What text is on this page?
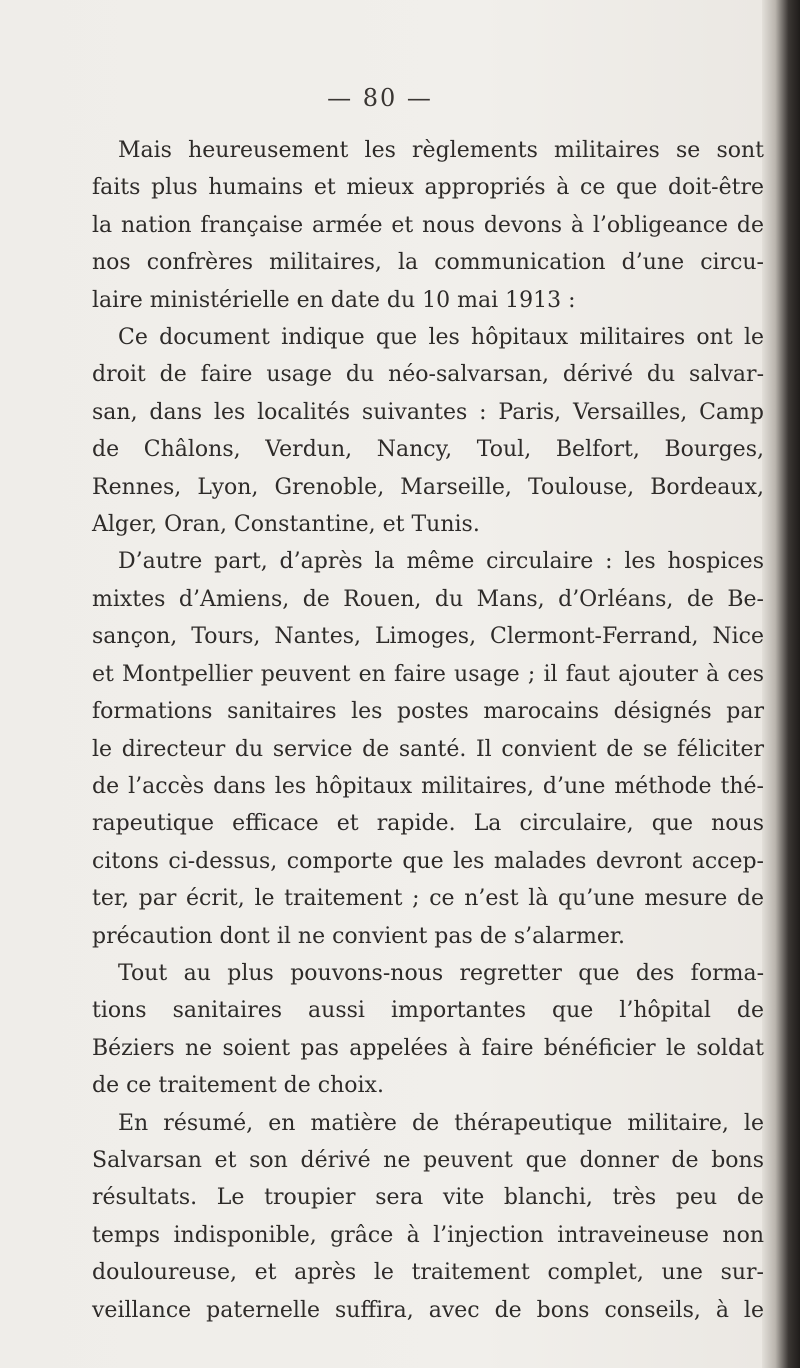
— 80 —
Mais heureusement les règlements militaires se sont
faits plus humains et mieux appropriés à ce que doit-être
la nation française armée et nous devons à l’obligeance de
nos confrères militaires, la communication d’une circu-
laire ministérielle en date du 10 mai 1913 :
Ce document indique que les hôpitaux militaires ont le
droit de faire usage du néo-salvarsan, dérivé du salvar-
san, dans les localités suivantes : Paris, Versailles, Camp
de Châlons, Verdun, Nancy, Toul, Belfort, Bourges,
Rennes, Lyon, Grenoble, Marseille, Toulouse, Bordeaux,
Alger, Oran, Constantine, et Tunis.
D’autre part, d’après la même circulaire : les hospices
mixtes d’Amiens, de Rouen, du Mans, d’Orléans, de Be-
sançon, Tours, Nantes, Limoges, Clermont-Ferrand, Nice
et Montpellier peuvent en faire usage ; il faut ajouter à ces
formations sanitaires les postes marocains désignés par
le directeur du service de santé. Il convient de se féliciter
de l’accès dans les hôpitaux militaires, d’une méthode thé-
rapeutique efficace et rapide. La circulaire, que nous
citons ci-dessus, comporte que les malades devront accep-
ter, par écrit, le traitement ; ce n’est là qu’une mesure de
précaution dont il ne convient pas de s’alarmer.
Tout au plus pouvons-nous regretter que des forma-
tions sanitaires aussi importantes que l’hôpital de
Béziers ne soient pas appelées à faire bénéficier le soldat
de ce traitement de choix.
En résumé, en matière de thérapeutique militaire, le
Salvarsan et son dérivé ne peuvent que donner de bons
résultats. Le troupier sera vite blanchi, très peu de
temps indisponible, grâce à l’injection intraveineuse non
douloureuse, et après le traitement complet, une sur-
veillance paternelle suffira, avec de bons conseils, à le
